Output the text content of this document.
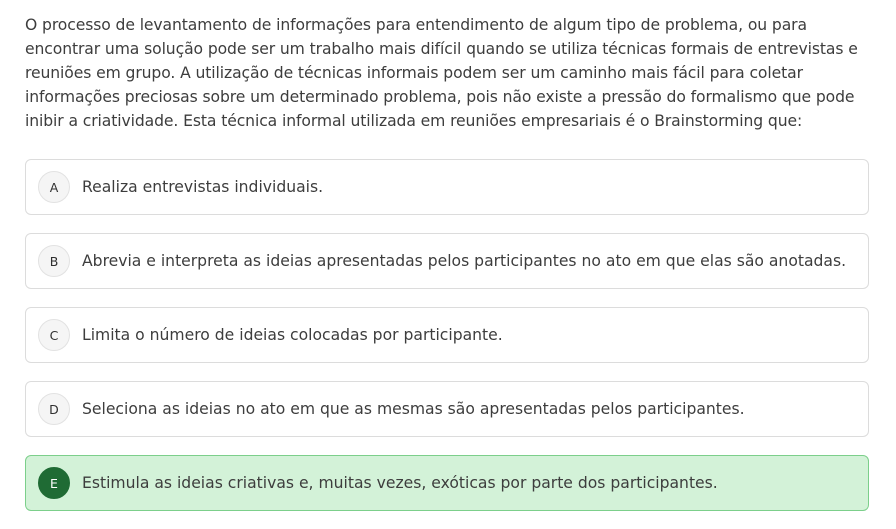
O processo de levantamento de informações para entendimento de algum tipo de problema, ou para encontrar uma solução pode ser um trabalho mais difícil quando se utiliza técnicas formais de entrevistas e reuniões em grupo. A utilização de técnicas informais podem ser um caminho mais fácil para coletar informações preciosas sobre um determinado problema, pois não existe a pressão do formalismo que pode inibir a criatividade. Esta técnica informal utilizada em reuniões empresariais é o Brainstorming que:

A	Realiza entrevistas individuais.
B	Abrevia e interpreta as ideias apresentadas pelos participantes no ato em que elas são anotadas.
C	Limita o número de ideias colocadas por participante.
D	Seleciona as ideias no ato em que as mesmas são apresentadas pelos participantes.
E	Estimula as ideias criativas e, muitas vezes, exóticas por parte dos participantes.
